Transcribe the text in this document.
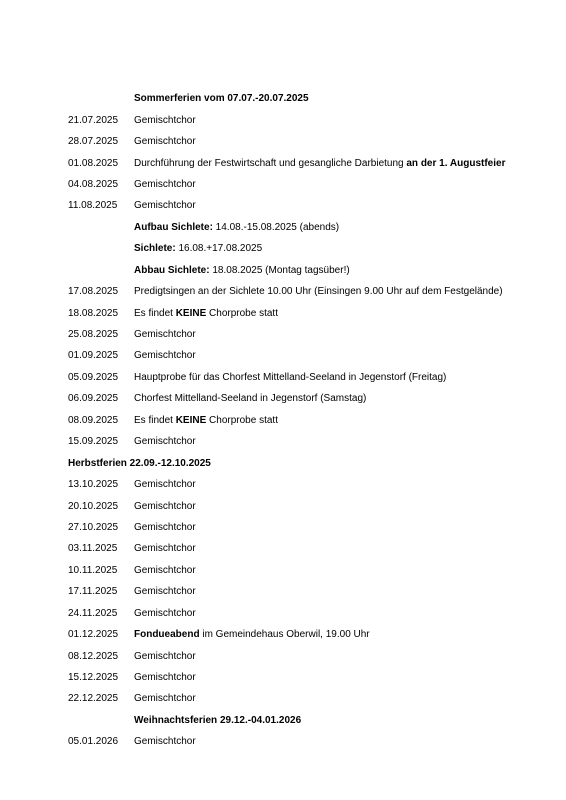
Sommerferien vom 07.07.-20.07.2025
21.07.2025	Gemischtchor
28.07.2025	Gemischtchor
01.08.2025	Durchführung der Festwirtschaft und gesangliche Darbietung an der 1. Augustfeier
04.08.2025	Gemischtchor
11.08.2025	Gemischtchor
Aufbau Sichlete: 14.08.-15.08.2025 (abends)
Sichlete: 16.08.+17.08.2025
Abbau Sichlete: 18.08.2025 (Montag tagsüber!)
17.08.2025	Predigtsingen an der Sichlete 10.00 Uhr (Einsingen 9.00 Uhr auf dem Festgelände)
18.08.2025	Es findet KEINE Chorprobe statt
25.08.2025	Gemischtchor
01.09.2025	Gemischtchor
05.09.2025	Hauptprobe für das Chorfest Mittelland-Seeland in Jegenstorf (Freitag)
06.09.2025	Chorfest Mittelland-Seeland in Jegenstorf (Samstag)
08.09.2025	Es findet KEINE Chorprobe statt
15.09.2025	Gemischtchor
Herbstferien 22.09.-12.10.2025
13.10.2025	Gemischtchor
20.10.2025	Gemischtchor
27.10.2025	Gemischtchor
03.11.2025	Gemischtchor
10.11.2025	Gemischtchor
17.11.2025	Gemischtchor
24.11.2025	Gemischtchor
01.12.2025	Fondueabend im Gemeindehaus Oberwil, 19.00 Uhr
08.12.2025	Gemischtchor
15.12.2025	Gemischtchor
22.12.2025	Gemischtchor
Weihnachtsferien 29.12.-04.01.2026
05.01.2026	Gemischtchor
